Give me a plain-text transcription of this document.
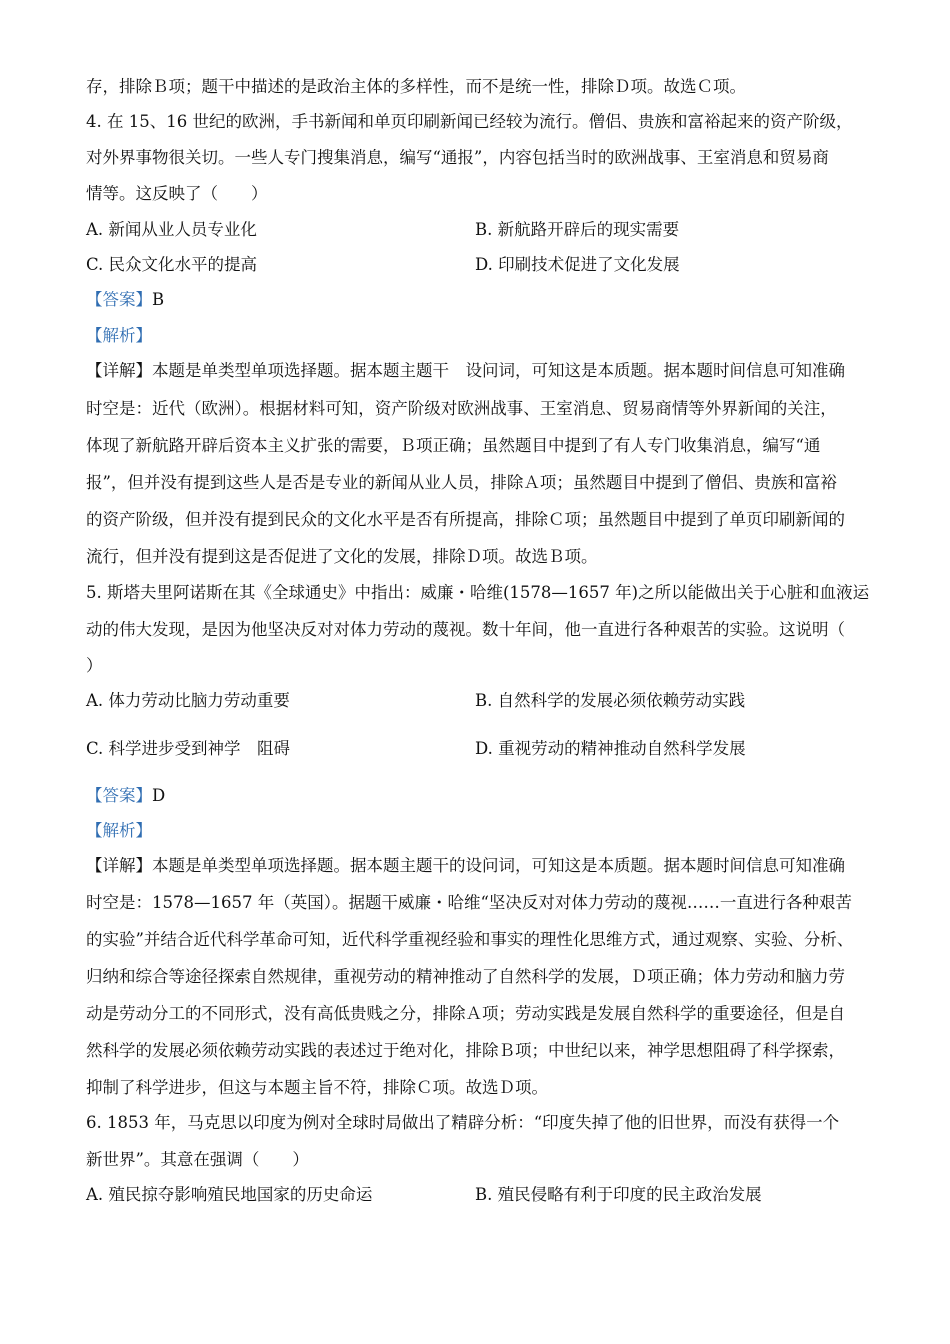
存，排除Ｂ项；题干中描述的是政治主体的多样性，而不是统一性，排除Ｄ项。故选Ｃ项。
4. 在 15、16 世纪的欧洲，手书新闻和单页印刷新闻已经较为流行。僧侣、贵族和富裕起来的资产阶级，
对外界事物很关切。一些人专门搜集消息，编写“通报”，内容包括当时的欧洲战事、王室消息和贸易商
情等。这反映了（　　）
A. 新闻从业人员专业化	B. 新航路开辟后的现实需要
C. 民众文化水平的提高	D. 印刷技术促进了文化发展
【答案】B
【解析】
【详解】本题是单类型单项选择题。据本题主题干　设问词，可知这是本质题。据本题时间信息可知准确
时空是：近代（欧洲）。根据材料可知，资产阶级对欧洲战事、王室消息、贸易商情等外界新闻的关注，
体现了新航路开辟后资本主义扩张的需要，Ｂ项正确；虽然题目中提到了有人专门收集消息，编写“通
报”，但并没有提到这些人是否是专业的新闻从业人员，排除Ａ项；虽然题目中提到了僧侣、贵族和富裕
的资产阶级，但并没有提到民众的文化水平是否有所提高，排除Ｃ项；虽然题目中提到了单页印刷新闻的
流行，但并没有提到这是否促进了文化的发展，排除Ｄ项。故选Ｂ项。
5. 斯塔夫里阿诺斯在其《全球通史》中指出：威廉・哈维(1578—1657 年)之所以能做出关于心脏和血液运
动的伟大发现，是因为他坚决反对对体力劳动的蔑视。数十年间，他一直进行各种艰苦的实验。这说明（
）
A. 体力劳动比脑力劳动重要	B. 自然科学的发展必须依赖劳动实践
C. 科学进步受到神学　阻碍	D. 重视劳动的精神推动自然科学发展
【答案】D
【解析】
【详解】本题是单类型单项选择题。据本题主题干的设问词，可知这是本质题。据本题时间信息可知准确
时空是：1578—1657 年（英国）。据题干威廉・哈维“坚决反对对体力劳动的蔑视……一直进行各种艰苦
的实验”并结合近代科学革命可知，近代科学重视经验和事实的理性化思维方式，通过观察、实验、分析、
归纳和综合等途径探索自然规律，重视劳动的精神推动了自然科学的发展，Ｄ项正确；体力劳动和脑力劳
动是劳动分工的不同形式，没有高低贵贱之分，排除Ａ项；劳动实践是发展自然科学的重要途径，但是自
然科学的发展必须依赖劳动实践的表述过于绝对化，排除Ｂ项；中世纪以来，神学思想阻碍了科学探索，
抑制了科学进步，但这与本题主旨不符，排除Ｃ项。故选Ｄ项。
6. 1853 年，马克思以印度为例对全球时局做出了精辟分析：“印度失掉了他的旧世界，而没有获得一个
新世界”。其意在强调（　　）
A. 殖民掠夺影响殖民地国家的历史命运	B. 殖民侵略有利于印度的民主政治发展
